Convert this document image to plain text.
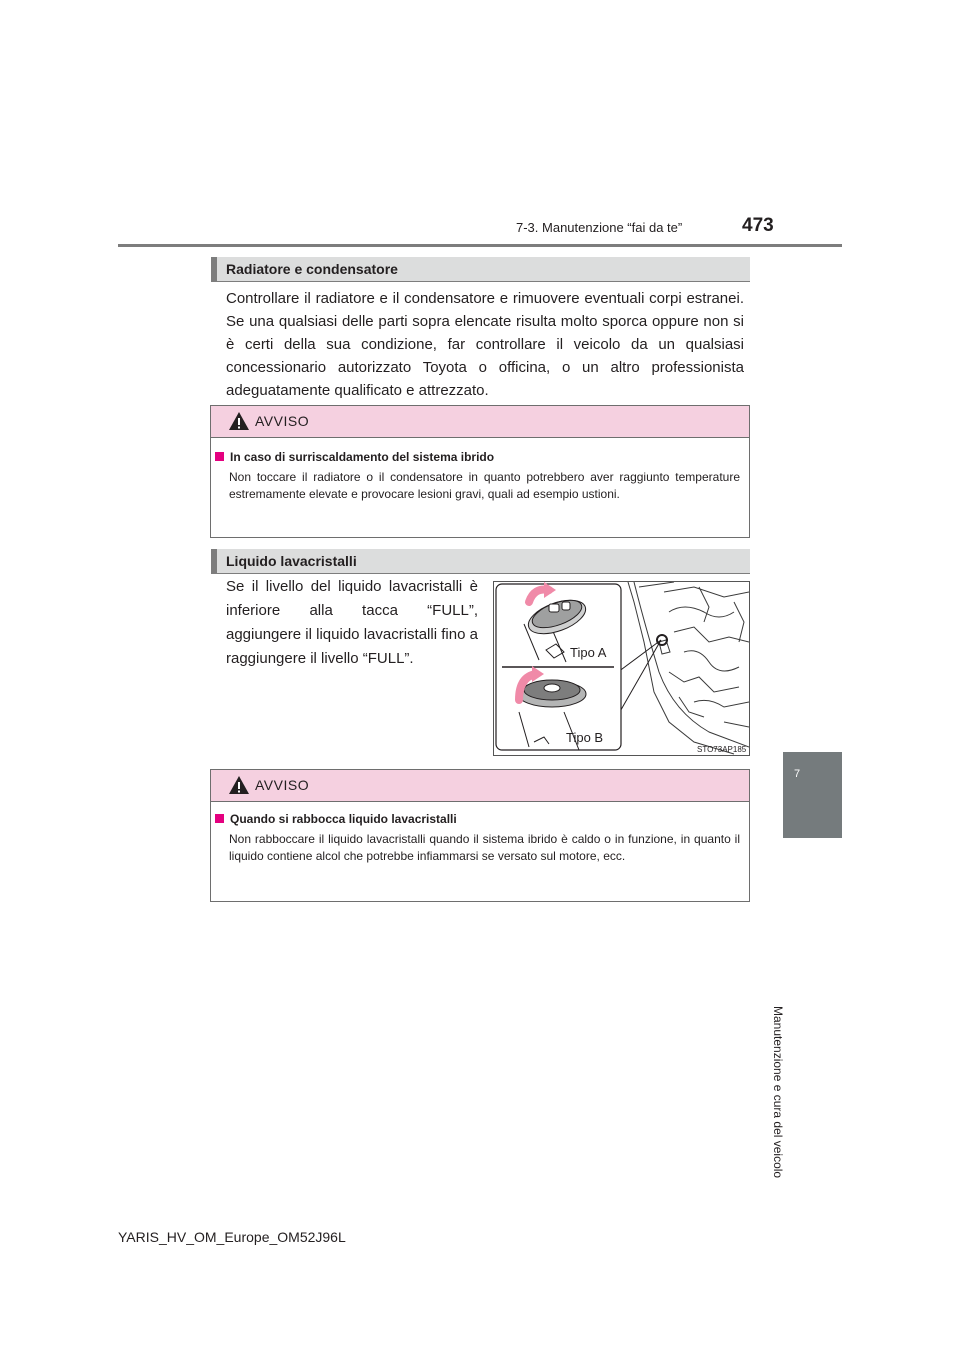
7-3. Manutenzione “fai da te”	473
7
Manutenzione e cura del veicolo
Radiatore e condensatore
Controllare il radiatore e il condensatore e rimuovere eventuali corpi estranei. Se una qualsiasi delle parti sopra elencate risulta molto sporca oppure non si è certi della sua condizione, far controllare il veicolo da un qualsiasi concessionario autorizzato Toyota o officina, o un altro professionista adeguatamente qualificato e attrezzato.
AVVISO
In caso di surriscaldamento del sistema ibrido
Non toccare il radiatore o il condensatore in quanto potrebbero aver raggiunto temperature estremamente elevate e provocare lesioni gravi, quali ad esempio ustioni.
Liquido lavacristalli
Se il livello del liquido lavacristalli è inferiore alla tacca “FULL”, aggiungere il liquido lavacristalli fino a raggiungere il livello “FULL”.	Tipo A
Tipo B
STO73AP185
AVVISO
Quando si rabbocca liquido lavacristalli
Non rabboccare il liquido lavacristalli quando il sistema ibrido è caldo o in funzione, in quanto il liquido contiene alcol che potrebbe infiammarsi se versato sul motore, ecc.
YARIS_HV_OM_Europe_OM52J96L
